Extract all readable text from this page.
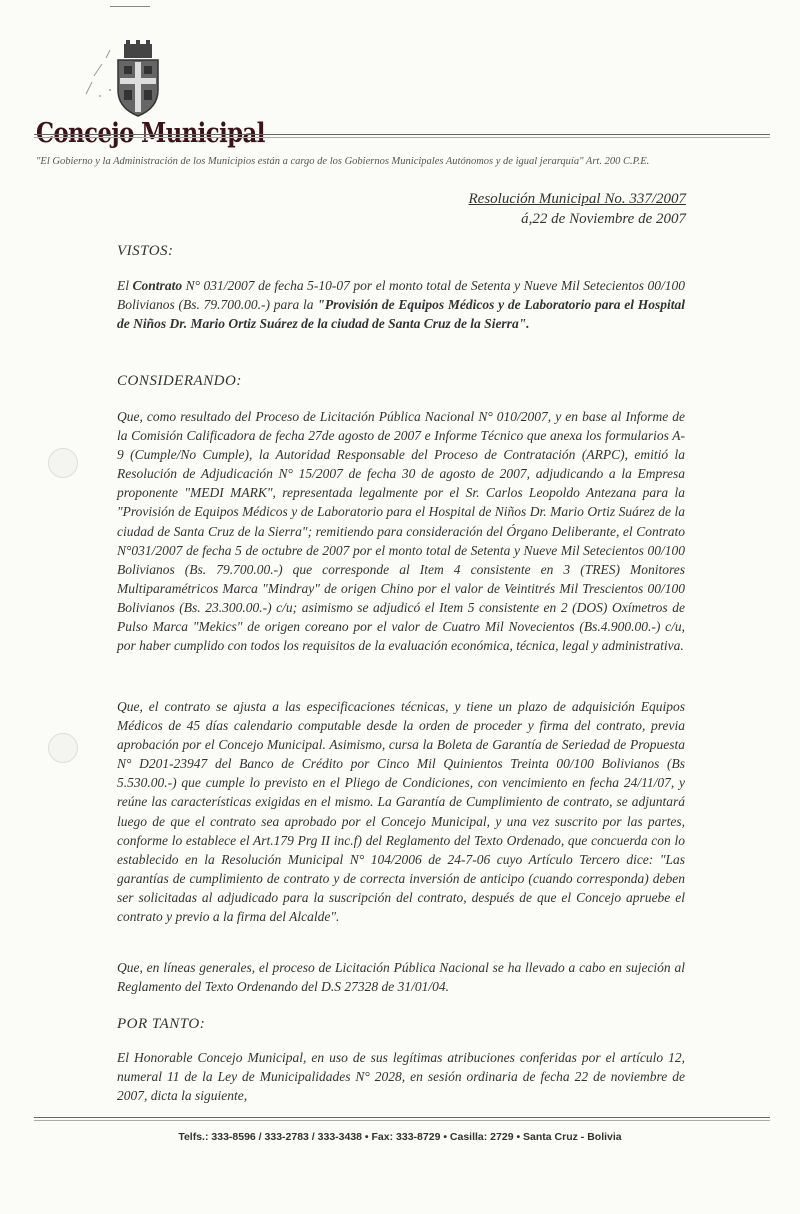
"El Gobierno y la Administración de los Municipios están a cargo de los Gobiernos Municipales Autónomos y de igual jerarquía" Art. 200 C.P.E.
Resolución Municipal No. 337/2007
á,22 de Noviembre de 2007
VISTOS:

El Contrato N° 031/2007 de fecha 5-10-07 por el monto total de Setenta y Nueve Mil Setecientos 00/100 Bolivianos (Bs. 79.700.00.-) para la "Provisión de Equipos Médicos y de Laboratorio para el Hospital de Niños Dr. Mario Ortiz Suárez de la ciudad de Santa Cruz de la Sierra".

CONSIDERANDO:

Que, como resultado del Proceso de Licitación Pública Nacional N° 010/2007, y en base al Informe de la Comisión Calificadora de fecha 27de agosto de 2007 e Informe Técnico que anexa los formularios A-9 (Cumple/No Cumple), la Autoridad Responsable del Proceso de Contratación (ARPC), emitió la Resolución de Adjudicación N° 15/2007 de fecha 30 de agosto de 2007, adjudicando a la Empresa proponente "MEDI MARK", representada legalmente por el Sr. Carlos Leopoldo Antezana para la "Provisión de Equipos Médicos y de Laboratorio para el Hospital de Niños Dr. Mario Ortiz Suárez de la ciudad de Santa Cruz de la Sierra"; remitiendo para consideración del Órgano Deliberante, el Contrato N°031/2007 de fecha 5 de octubre de 2007 por el monto total de Setenta y Nueve Mil Setecientos 00/100 Bolivianos (Bs. 79.700.00.-) que corresponde al Item 4 consistente en 3 (TRES) Monitores Multiparamétricos Marca "Mindray" de origen Chino por el valor de Veintitrés Mil Trescientos 00/100 Bolivianos (Bs. 23.300.00.-) c/u; asimismo se adjudicó el Item 5 consistente en 2 (DOS) Oxímetros de Pulso Marca "Mekics" de origen coreano por el valor de Cuatro Mil Novecientos (Bs.4.900.00.-) c/u, por haber cumplido con todos los requisitos de la evaluación económica, técnica, legal y administrativa.

Que, el contrato se ajusta a las especificaciones técnicas, y tiene un plazo de adquisición Equipos Médicos de 45 días calendario computable desde la orden de proceder y firma del contrato, previa aprobación por el Concejo Municipal. Asimismo, cursa la Boleta de Garantía de Seriedad de Propuesta N° D201-23947 del Banco de Crédito por Cinco Mil Quinientos Treinta 00/100 Bolivianos (Bs 5.530.00.-) que cumple lo previsto en el Pliego de Condiciones, con vencimiento en fecha 24/11/07, y reúne las características exigidas en el mismo. La Garantía de Cumplimiento de contrato, se adjuntará luego de que el contrato sea aprobado por el Concejo Municipal, y una vez suscrito por las partes, conforme lo establece el Art.179 Prg II inc.f) del Reglamento del Texto Ordenado, que concuerda con lo establecido en la Resolución Municipal N° 104/2006 de 24-7-06 cuyo Artículo Tercero dice: "Las garantías de cumplimiento de contrato y de correcta inversión de anticipo (cuando corresponda) deben ser solicitadas al adjudicado para la suscripción del contrato, después de que el Concejo apruebe el contrato y previo a la firma del Alcalde".

Que, en líneas generales, el proceso de Licitación Pública Nacional se ha llevado a cabo en sujeción al Reglamento del Texto Ordenando del D.S 27328 de 31/01/04.

POR TANTO:

El Honorable Concejo Municipal, en uso de sus legítimas atribuciones conferidas por el artículo 12, numeral 11 de la Ley de Municipalidades N° 2028, en sesión ordinaria de fecha 22 de noviembre de 2007, dicta la siguiente,

Telfs.: 333-8596 / 333-2783 / 333-3438 • Fax: 333-8729 • Casilla: 2729 • Santa Cruz - Bolivia
